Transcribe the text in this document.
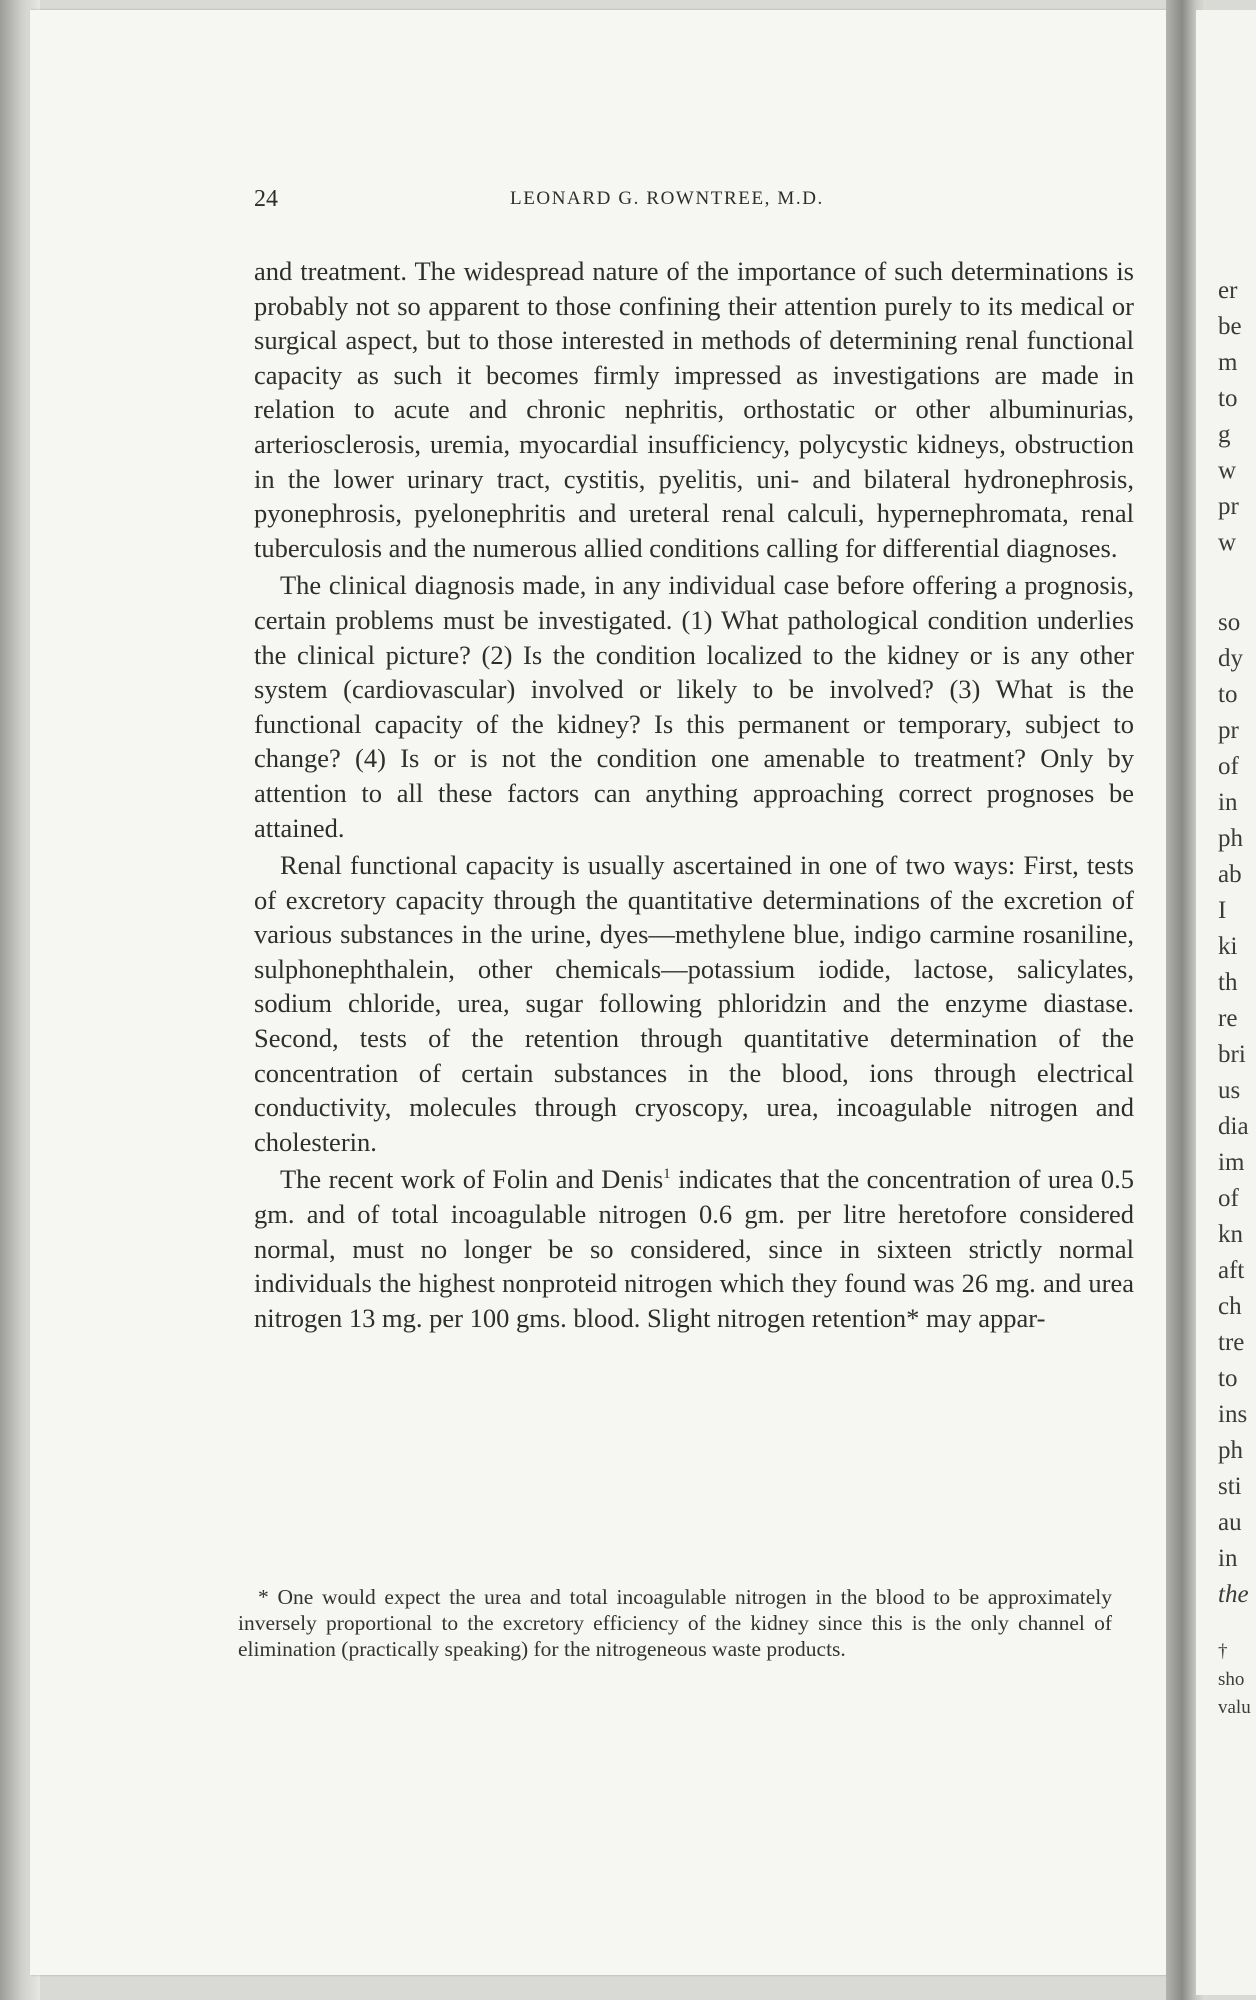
24	LEONARD G. ROWNTREE, M.D.

and treatment. The widespread nature of the importance of such determinations is probably not so apparent to those confining their attention purely to its medical or surgical aspect, but to those interested in methods of determining renal functional capacity as such it becomes firmly impressed as investigations are made in relation to acute and chronic nephritis, orthostatic or other albuminurias, arteriosclerosis, uremia, myocardial insufficiency, polycystic kidneys, obstruction in the lower urinary tract, cystitis, pyelitis, uni- and bilateral hydronephrosis, pyonephrosis, pyelonephritis and ureteral renal calculi, hypernephromata, renal tuberculosis and the numerous allied conditions calling for differential diagnoses.

The clinical diagnosis made, in any individual case before offering a prognosis, certain problems must be investigated. (1) What pathological condition underlies the clinical picture? (2) Is the condition localized to the kidney or is any other system (cardiovascular) involved or likely to be involved? (3) What is the functional capacity of the kidney? Is this permanent or temporary, subject to change? (4) Is or is not the condition one amenable to treatment? Only by attention to all these factors can anything approaching correct prognoses be attained.

Renal functional capacity is usually ascertained in one of two ways: First, tests of excretory capacity through the quantitative determinations of the excretion of various substances in the urine, dyes—methylene blue, indigo carmine rosaniline, sulphonephthalein, other chemicals—potassium iodide, lactose, salicylates, sodium chloride, urea, sugar following phloridzin and the enzyme diastase. Second, tests of the retention through quantitative determination of the concentration of certain substances in the blood, ions through electrical conductivity, molecules through cryoscopy, urea, incoagulable nitrogen and cholesterin.

The recent work of Folin and Denis$^1$ indicates that the concentration of urea 0.5 gm. and of total incoagulable nitrogen 0.6 gm. per litre heretofore considered normal, must no longer be so considered, since in sixteen strictly normal individuals the highest nonproteid nitrogen which they found was 26 mg. and urea nitrogen 13 mg. per 100 gms. blood. Slight nitrogen retention* may appar-

* One would expect the urea and total incoagulable nitrogen in the blood to be approximately inversely proportional to the excretory efficiency of the kidney since this is the only channel of elimination (practically speaking) for the nitrogeneous waste products.
er
be
m
to
g
w
pr
w
so
dy
to
pr
of
in
ph
ab
I
ki
th
re
bri
us
dia
im
of
kn
aft
ch
tre
to
ins
ph
sti
au
in
the
†
sho
valu
